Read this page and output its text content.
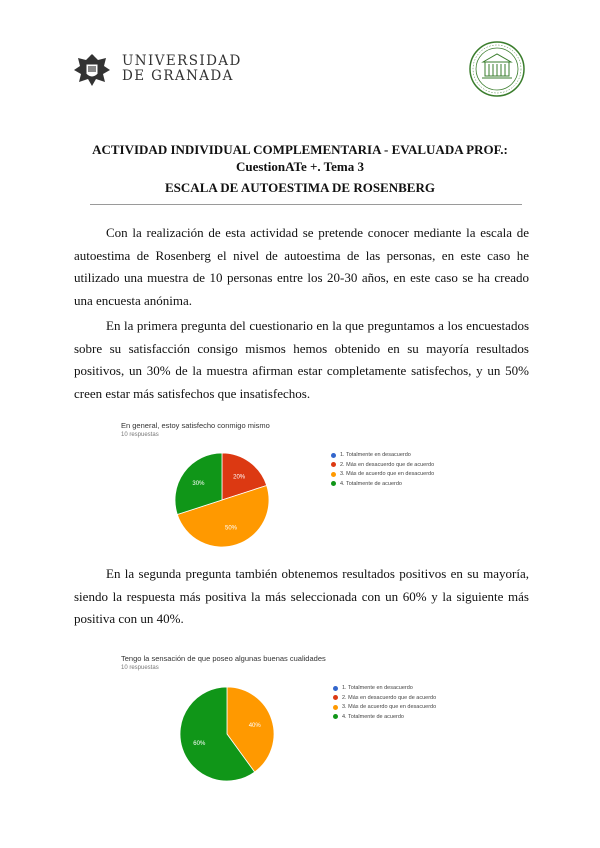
UNIVERSIDAD
DE GRANADA
ACTIVIDAD INDIVIDUAL COMPLEMENTARIA - EVALUADA PROF.:
CuestionATe +. Tema 3
ESCALA DE AUTOESTIMA DE ROSENBERG

Con la realización de esta actividad se pretende conocer mediante la escala de autoestima de Rosenberg el nivel de autoestima de las personas, en este caso he utilizado una muestra de 10 personas entre los 20-30 años, en este caso se ha creado una encuesta anónima.

En la primera pregunta del cuestionario en la que preguntamos a los encuestados sobre su satisfacción consigo mismos hemos obtenido en su mayoría resultados positivos, un 30% de la muestra afirman estar completamente satisfechos, y un 50% creen estar más satisfechos que insatisfechos.

En general, estoy satisfecho conmigo mismo
10 respuestas
20%
50%
30%
1. Totalmente en desacuerdo
2. Más en desacuerdo que de acuerdo
3. Más de acuerdo que en desacuerdo
4. Totalmente de acuerdo

En la segunda pregunta también obtenemos resultados positivos en su mayoría, siendo la respuesta más positiva la más seleccionada con un 60% y la siguiente más positiva con un 40%.

Tengo la sensación de que poseo algunas buenas cualidades
10 respuestas
40%
60%
1. Totalmente en desacuerdo
2. Más en desacuerdo que de acuerdo
3. Más de acuerdo que en desacuerdo
4. Totalmente de acuerdo
